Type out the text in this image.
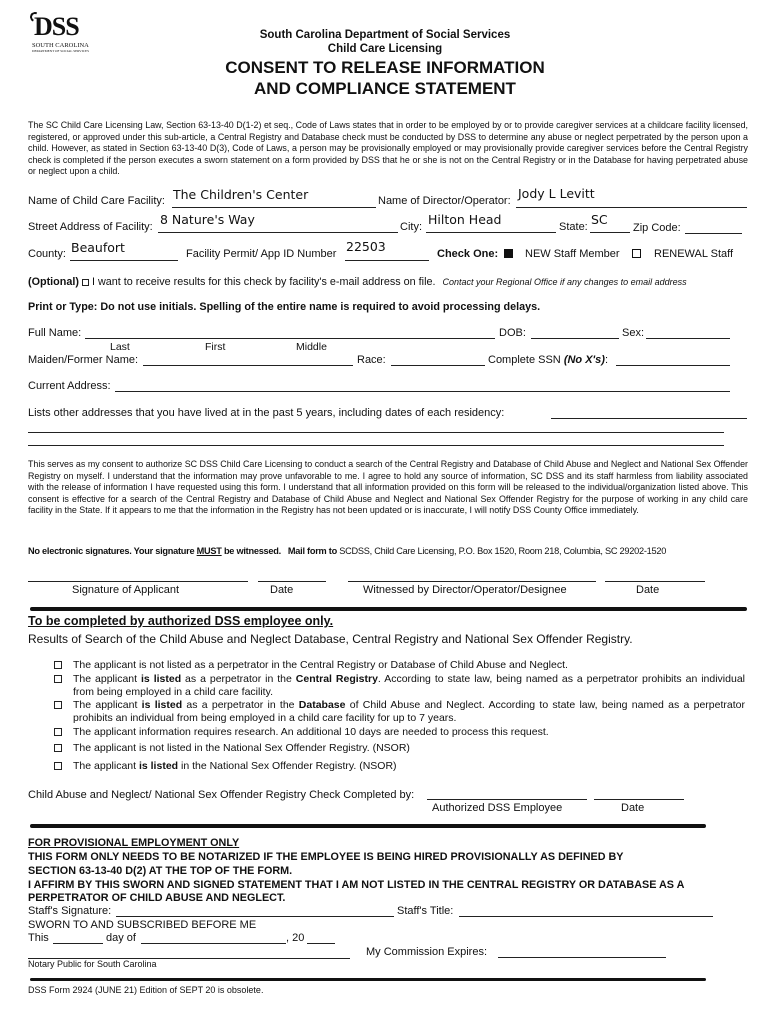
DSS
SOUTH CAROLINA
DEPARTMENT OF SOCIAL SERVICES
South Carolina Department of Social Services
Child Care Licensing
CONSENT TO RELEASE INFORMATION
AND COMPLIANCE STATEMENT
The SC Child Care Licensing Law, Section 63-13-40 D(1-2) et seq., Code of Laws states that in order to be employed by or to provide caregiver services at a childcare facility licensed, registered, or approved under this sub-article, a Central Registry and Database check must be conducted by DSS to determine any abuse or neglect perpetrated by the person upon a child. However, as stated in Section 63-13-40 D(3), Code of Laws, a person may be provisionally employed or may provisionally provide caregiver services before the Central Registry check is completed if the person executes a sworn statement on a form provided by DSS that he or she is not on the Central Registry or in the Database for having perpetrated abuse or neglect upon a child.
Name of Child Care Facility: The Children's Center	Name of Director/Operator: Jody L Levitt
Street Address of Facility: 8 Nature's Way	City: Hilton Head	State: SC
Zip Code:
County: Beaufort	Facility Permit/ App ID Number 22503	Check One: NEW Staff Member	RENEWAL Staff
(Optional) I want to receive results for this check by facility's e-mail address on file. Contact your Regional Office if any changes to email address
Print or Type: Do not use initials. Spelling of the entire name is required to avoid processing delays.
Full Name:	DOB:	Sex:
Last	First	Middle
Maiden/Former Name:	Race:	Complete SSN (No X's):
Current Address:
Lists other addresses that you have lived at in the past 5 years, including dates of each residency:
This serves as my consent to authorize SC DSS Child Care Licensing to conduct a search of the Central Registry and Database of Child Abuse and Neglect and National Sex Offender Registry on myself. I understand that the information may prove unfavorable to me. I agree to hold any source of information, SC DSS and its staff harmless from liability associated with the release of information I have requested using this form. I understand that all information provided on this form will be released to the individual/organization listed above. This consent is effective for a search of the Central Registry and Database of Child Abuse and Neglect and National Sex Offender Registry for the purpose of working in any child care facility in the State. If it appears to me that the information in the Registry has not been updated or is inaccurate, I will notify DSS County Office immediately.
No electronic signatures. Your signature MUST be witnessed. Mail form to SCDSS, Child Care Licensing, P.O. Box 1520, Room 218, Columbia, SC 29202-1520
Signature of Applicant	Date	Witnessed by Director/Operator/Designee	Date
To be completed by authorized DSS employee only.
Results of Search of the Child Abuse and Neglect Database, Central Registry and National Sex Offender Registry.
The applicant is not listed as a perpetrator in the Central Registry or Database of Child Abuse and Neglect.
The applicant is listed as a perpetrator in the Central Registry. According to state law, being named as a perpetrator prohibits an individual from being employed in a child care facility.
The applicant is listed as a perpetrator in the Database of Child Abuse and Neglect. According to state law, being named as a perpetrator prohibits an individual from being employed in a child care facility for up to 7 years.
The applicant information requires research. An additional 10 days are needed to process this request.
The applicant is not listed in the National Sex Offender Registry. (NSOR)
The applicant is listed in the National Sex Offender Registry. (NSOR)
Child Abuse and Neglect/ National Sex Offender Registry Check Completed by:
Authorized DSS Employee	Date
FOR PROVISIONAL EMPLOYMENT ONLY
THIS FORM ONLY NEEDS TO BE NOTARIZED IF THE EMPLOYEE IS BEING HIRED PROVISIONALLY AS DEFINED BY
SECTION 63-13-40 D(2) AT THE TOP OF THE FORM.
I AFFIRM BY THIS SWORN AND SIGNED STATEMENT THAT I AM NOT LISTED IN THE CENTRAL REGISTRY OR DATABASE AS A
PERPETRATOR OF CHILD ABUSE AND NEGLECT.
Staff's Signature:	Staff's Title:
SWORN TO AND SUBSCRIBED BEFORE ME
This	day of	, 20
My Commission Expires:
Notary Public for South Carolina
DSS Form 2924 (JUNE 21) Edition of SEPT 20 is obsolete.
